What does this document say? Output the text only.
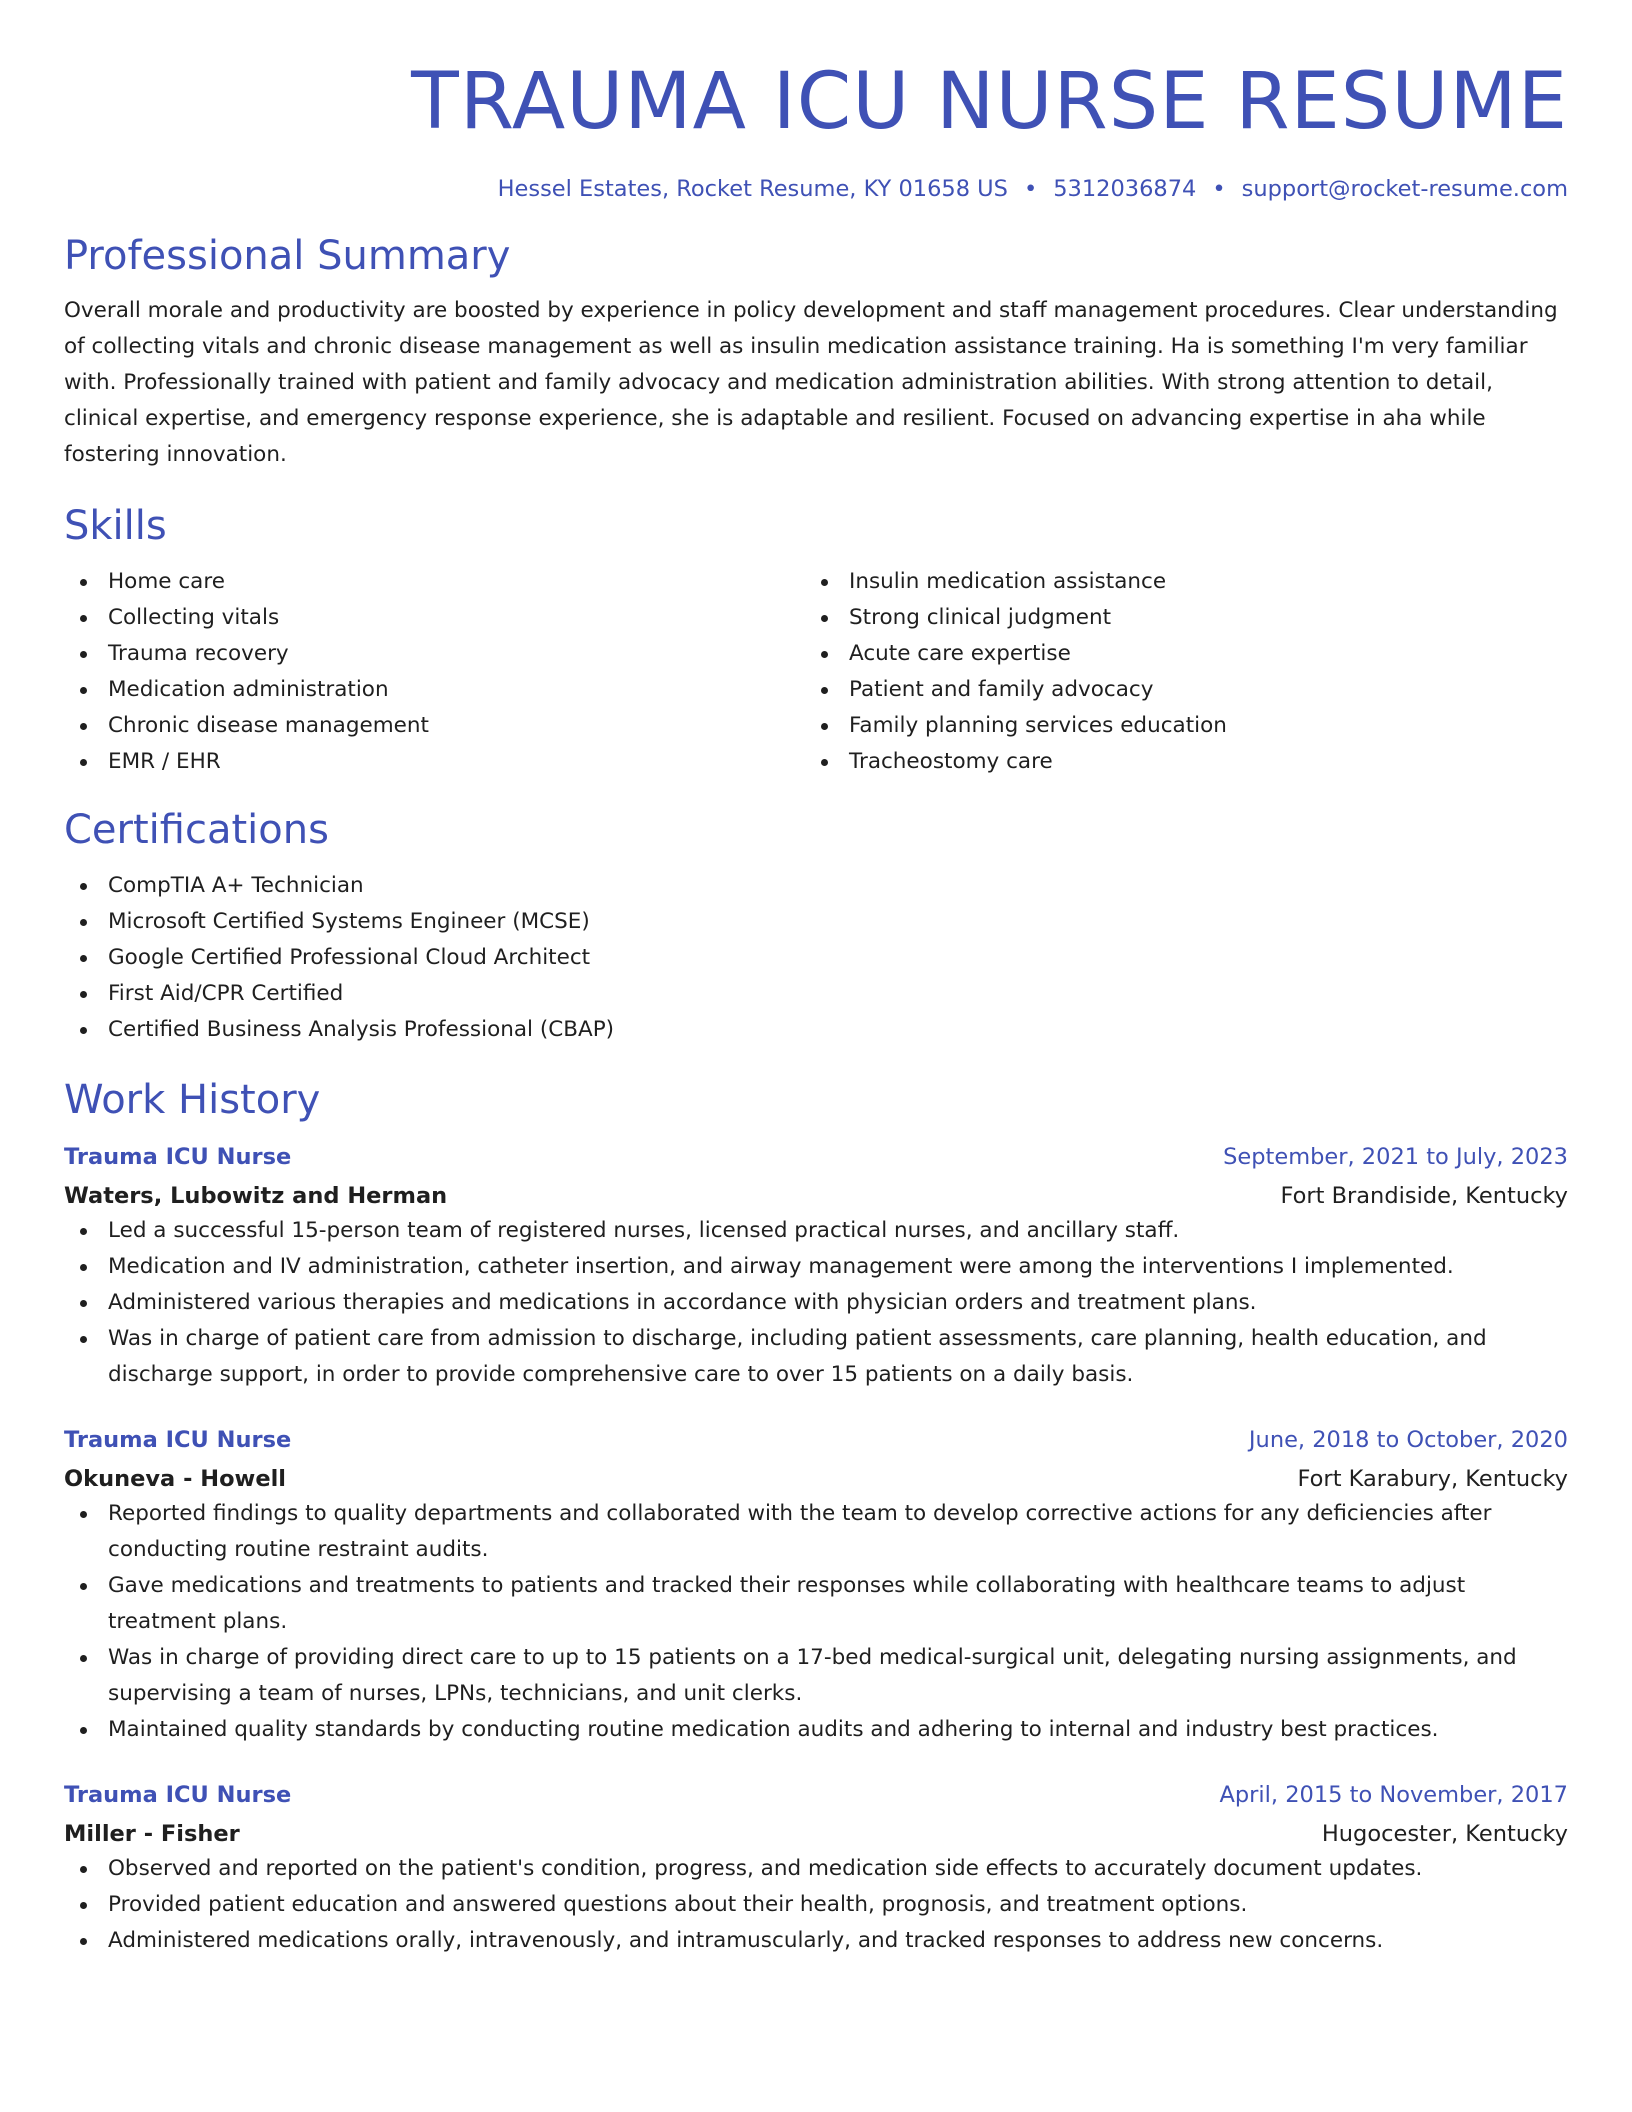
TRAUMA ICU NURSE RESUME
Hessel Estates, Rocket Resume, KY 01658 US • 5312036874 • support@rocket-resume.com
Professional Summary
Overall morale and productivity are boosted by experience in policy development and staff management procedures. Clear understanding of collecting vitals and chronic disease management as well as insulin medication assistance training. Ha is something I'm very familiar with. Professionally trained with patient and family advocacy and medication administration abilities. With strong attention to detail, clinical expertise, and emergency response experience, she is adaptable and resilient. Focused on advancing expertise in aha while fostering innovation.
Skills
Home care
Collecting vitals
Trauma recovery
Medication administration
Chronic disease management
EMR / EHR
Insulin medication assistance
Strong clinical judgment
Acute care expertise
Patient and family advocacy
Family planning services education
Tracheostomy care
Certifications
CompTIA A+ Technician
Microsoft Certified Systems Engineer (MCSE)
Google Certified Professional Cloud Architect
First Aid/CPR Certified
Certified Business Analysis Professional (CBAP)
Work History
Trauma ICU Nurse	September, 2021 to July, 2023
Waters, Lubowitz and Herman	Fort Brandiside, Kentucky
Led a successful 15-person team of registered nurses, licensed practical nurses, and ancillary staff.
Medication and IV administration, catheter insertion, and airway management were among the interventions I implemented.
Administered various therapies and medications in accordance with physician orders and treatment plans.
Was in charge of patient care from admission to discharge, including patient assessments, care planning, health education, and discharge support, in order to provide comprehensive care to over 15 patients on a daily basis.
Trauma ICU Nurse	June, 2018 to October, 2020
Okuneva - Howell	Fort Karabury, Kentucky
Reported findings to quality departments and collaborated with the team to develop corrective actions for any deficiencies after conducting routine restraint audits.
Gave medications and treatments to patients and tracked their responses while collaborating with healthcare teams to adjust treatment plans.
Was in charge of providing direct care to up to 15 patients on a 17-bed medical-surgical unit, delegating nursing assignments, and supervising a team of nurses, LPNs, technicians, and unit clerks.
Maintained quality standards by conducting routine medication audits and adhering to internal and industry best practices.
Trauma ICU Nurse	April, 2015 to November, 2017
Miller - Fisher	Hugocester, Kentucky
Observed and reported on the patient's condition, progress, and medication side effects to accurately document updates.
Provided patient education and answered questions about their health, prognosis, and treatment options.
Administered medications orally, intravenously, and intramuscularly, and tracked responses to address new concerns.
